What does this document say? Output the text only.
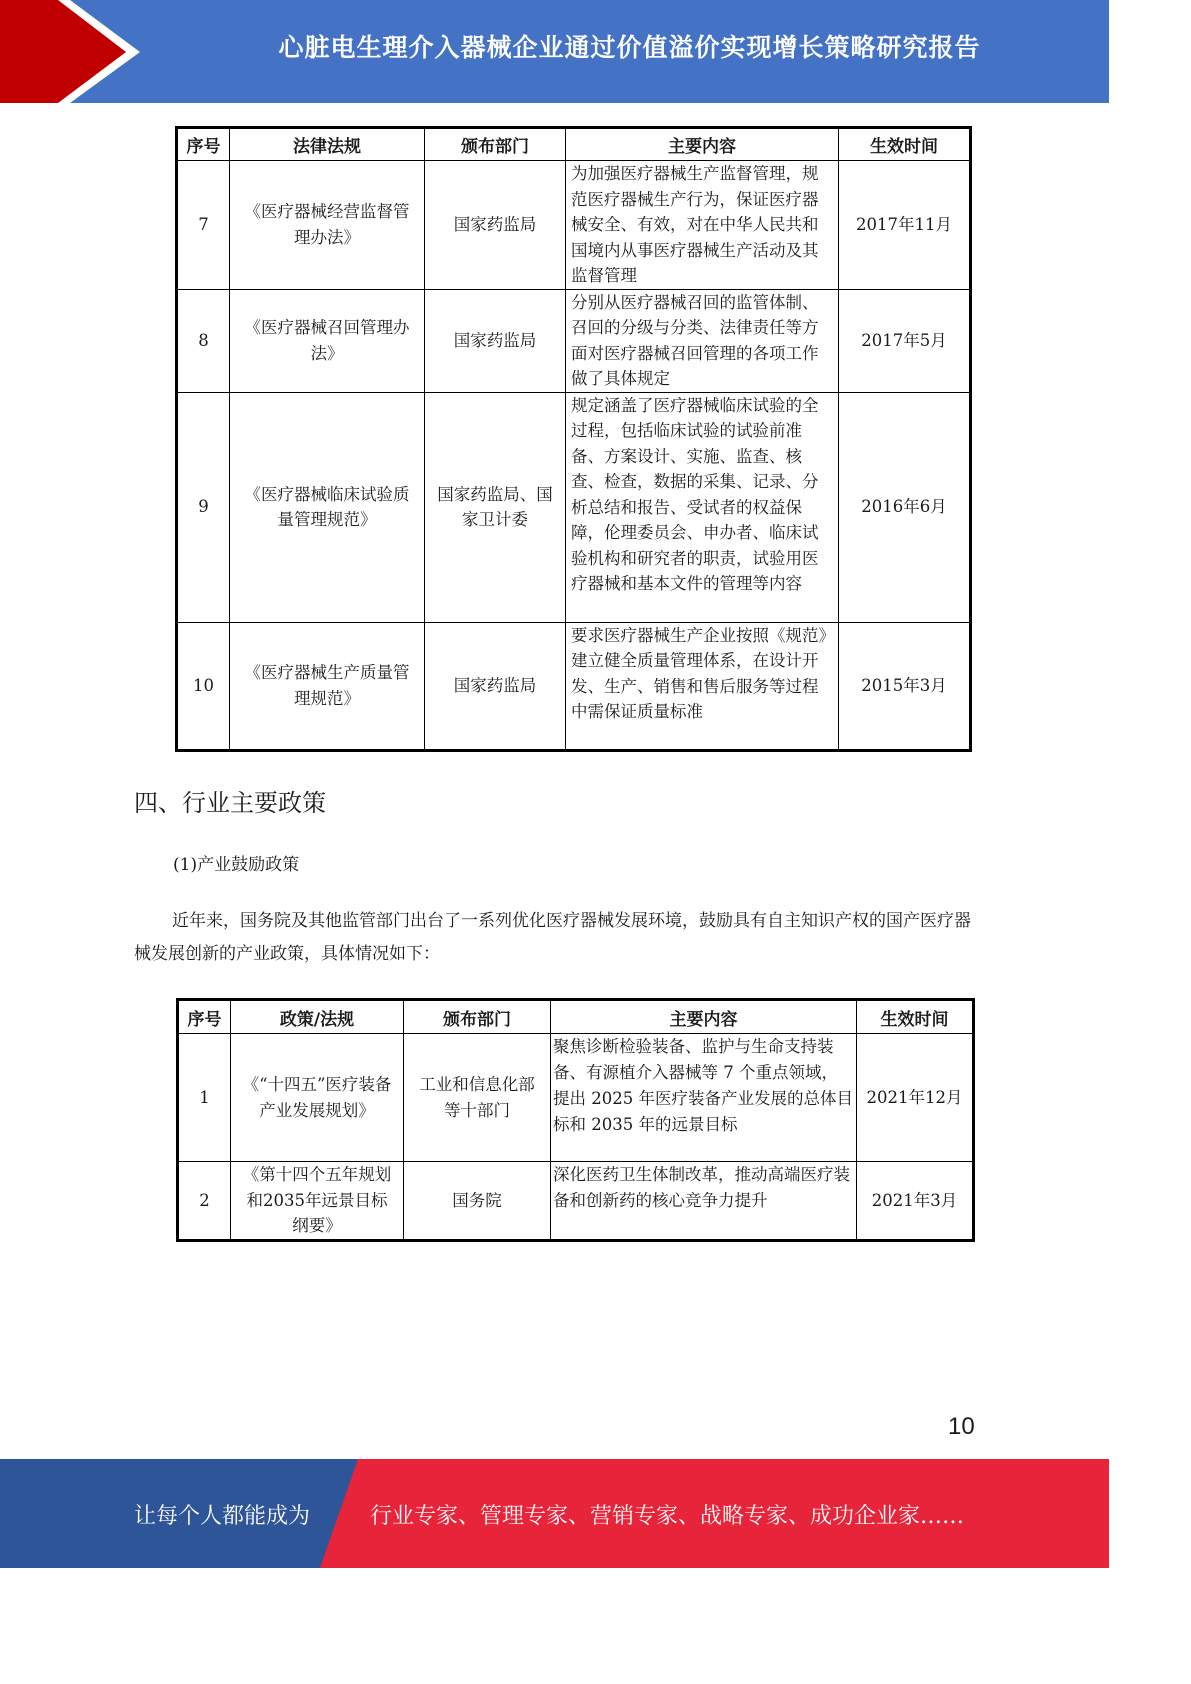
心脏电生理介入器械企业通过价值溢价实现增长策略研究报告
序号	法律法规	颁布部门	主要内容	生效时间
7	《医疗器械经营监督管理办法》	国家药监局	为加强医疗器械生产监督管理，规范医疗器械生产行为，保证医疗器械安全、有效，对在中华人民共和国境内从事医疗器械生产活动及其监督管理	2017年11月
8	《医疗器械召回管理办法》	国家药监局	分别从医疗器械召回的监管体制、召回的分级与分类、法律责任等方面对医疗器械召回管理的各项工作做了具体规定	2017年5月
9	《医疗器械临床试验质量管理规范》	国家药监局、国家卫计委	规定涵盖了医疗器械临床试验的全过程，包括临床试验的试验前准备、方案设计、实施、监查、核查、检查，数据的采集、记录、分析总结和报告、受试者的权益保障，伦理委员会、申办者、临床试验机构和研究者的职责，试验用医疗器械和基本文件的管理等内容	2016年6月
10	《医疗器械生产质量管理规范》	国家药监局	要求医疗器械生产企业按照《规范》建立健全质量管理体系，在设计开发、生产、销售和售后服务等过程中需保证质量标准	2015年3月
四、行业主要政策
(1)产业鼓励政策
近年来，国务院及其他监管部门出台了一系列优化医疗器械发展环境，鼓励具有自主知识产权的国产医疗器械发展创新的产业政策，具体情况如下：
序号	政策/法规	颁布部门	主要内容	生效时间
1	《“十四五”医疗装备产业发展规划》	工业和信息化部等十部门	聚焦诊断检验装备、监护与生命支持装备、有源植介入器械等 7 个重点领域，提出 2025 年医疗装备产业发展的总体目标和 2035 年的远景目标	2021年12月
2	《第十四个五年规划和2035年远景目标纲要》	国务院	深化医药卫生体制改革，推动高端医疗装备和创新药的核心竞争力提升	2021年3月
10
让每个人都能成为	行业专家、管理专家、营销专家、战略专家、成功企业家……
